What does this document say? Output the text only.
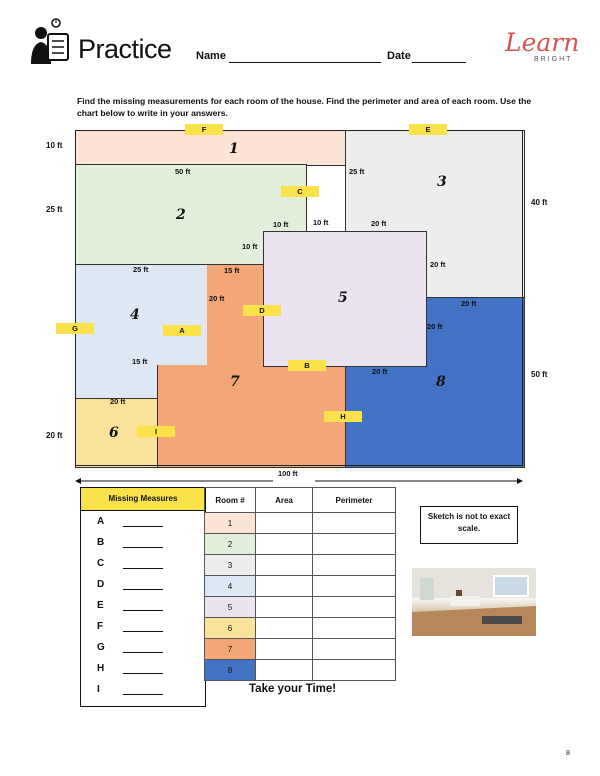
Practice Name	Date	Learn
BRIGHT
Find the missing measurements for each room of the house. Find the perimeter and area of each room. Use the chart below to write in your answers.
1
2
3
4
5
6
7	8
10 ft
25 ft
50 ft	25 ft
10 ft	10 ft
10 ft
20 ft
40 ft
20 ft
25 ft	15 ft
20 ft
20 ft
20 ft
15 ft
20 ft
20 ft
20 ft
50 ft
100 ft
F	E
C
G	A
D
B
H
I
Missing Measures
A
B
C
D
E
F
G
H
I
Room #	Area	Perimeter
1		
2		
3		
4		
5		
6		
7		
8		
Sketch is not to exact scale.
Take your Time!
8
